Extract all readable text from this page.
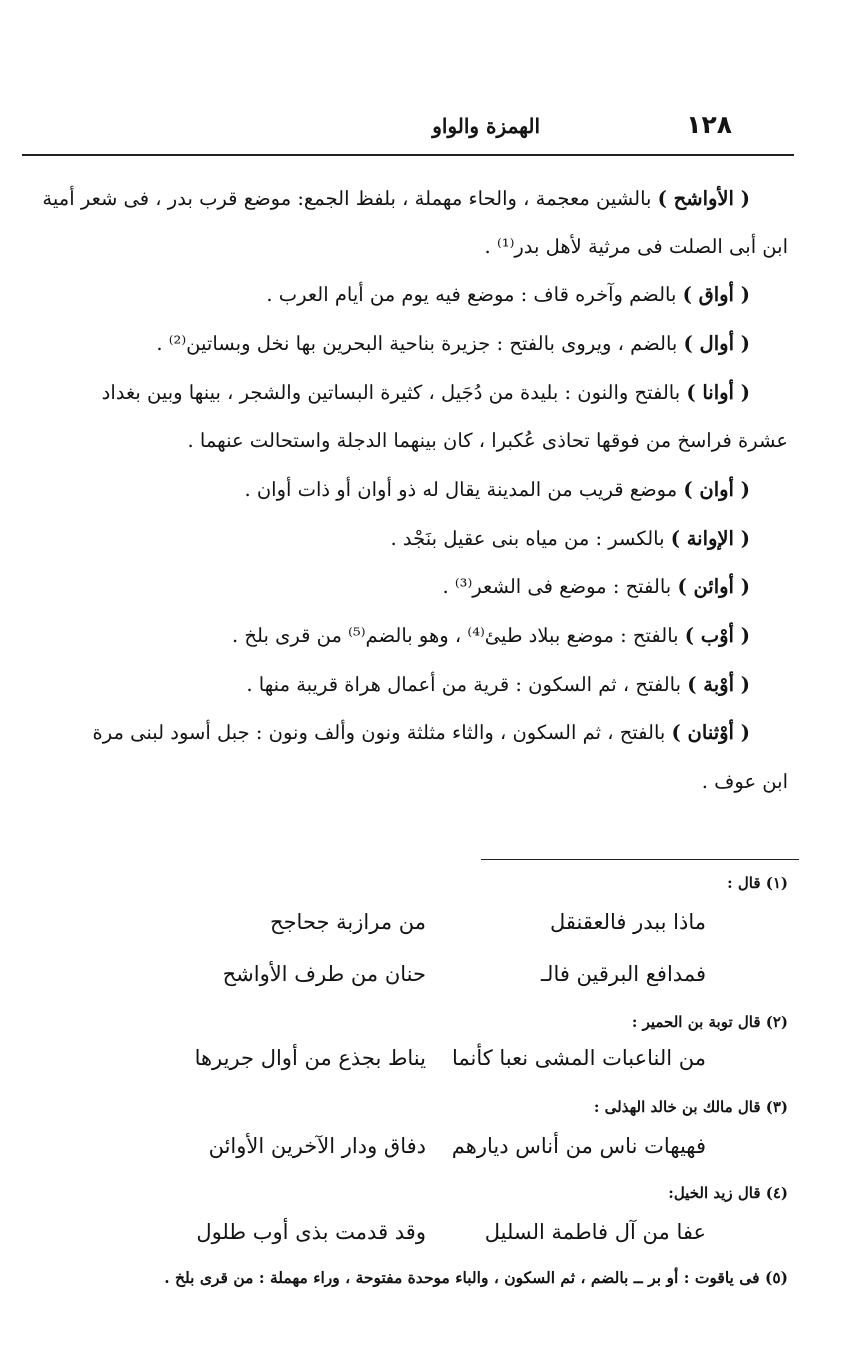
١٢٨
الهمزة والواو
( الأواشح ) بالشين معجمة ، والحاء مهملة ، بلفظ الجمع: موضع قرب بدر ، فى شعر أمية
ابن أبى الصلت فى مرثية لأهل بدر⁽¹⁾ .
( أواق ) بالضم وآخره قاف : موضع فيه يوم من أيام العرب .
( أوال ) بالضم ، ويروى بالفتح : جزيرة بناحية البحرين بها نخل وبساتين⁽²⁾ .
( أوانا ) بالفتح والنون : بليدة من دُجَيل ، كثيرة البساتين والشجر ، بينها وبين بغداد
عشرة فراسخ من فوقها تحاذى عُكبرا ، كان بينهما الدجلة واستحالت عنهما .
( أوان ) موضع قريب من المدينة يقال له ذو أوان أو ذات أوان .
( الإوانة ) بالكسر : من مياه بنى عقيل بنَجْد .
( أوائن ) بالفتح : موضع فى الشعر⁽³⁾ .
( أوْب ) بالفتح : موضع ببلاد طيئ⁽⁴⁾ ، وهو بالضم⁽⁵⁾ من قرى بلخ .
( أوْبة ) بالفتح ، ثم السكون : قرية من أعمال هراة قريبة منها .
( أوْثنان ) بالفتح ، ثم السكون ، والثاء مثلثة ونون وألف ونون : جبل أسود لبنى مرة
ابن عوف .
(١) قال :
ماذا ببدر فالعقنقل
من مرازبة جحاجح
فمدافع البرقين فالـ
حنان من طرف الأواشح
(٢) قال توبة بن الحمير :
من الناعبات المشى نعبا كأنما
يناط بجذع من أوال جريرها
(٣) قال مالك بن خالد الهذلى :
فهيهات ناس من أناس ديارهم
دفاق ودار الآخرين الأوائن
(٤) قال زيد الخيل:
عفا من آل فاطمة السليل
وقد قدمت بذى أوب طلول
(٥) فى ياقوت : أو بر ــ بالضم ، ثم السكون ، والباء موحدة مفتوحة ، وراء مهملة : من قرى بلخ .
